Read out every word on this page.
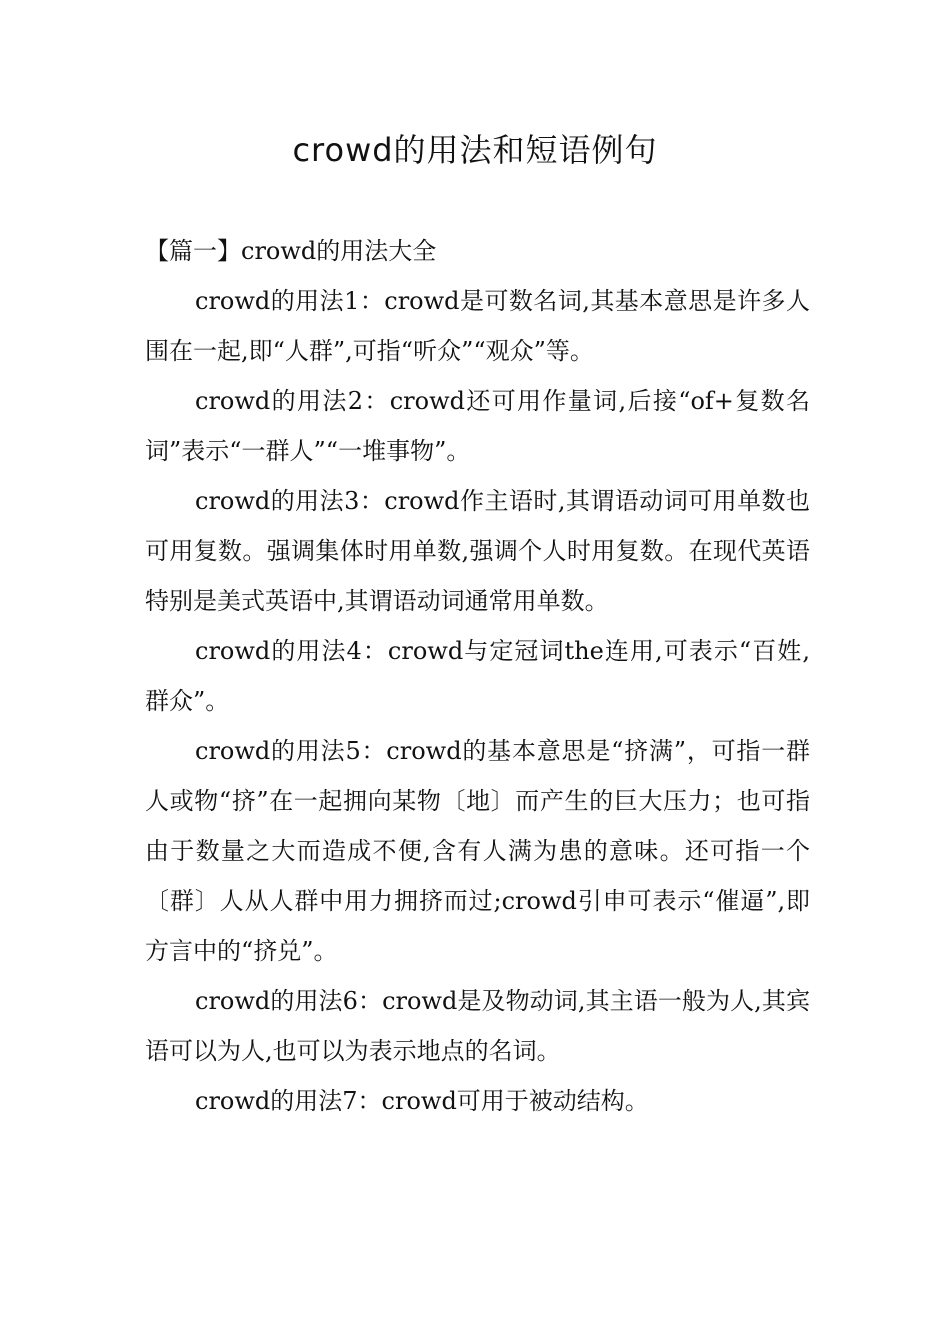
crowd的用法和短语例句
【篇一】crowd的用法大全

crowd的用法1：crowd是可数名词,其基本意思是许多人围在一起,即“人群”,可指“听众”“观众”等。

crowd的用法2：crowd还可用作量词,后接“of+复数名词”表示“一群人”“一堆事物”。

crowd的用法3：crowd作主语时,其谓语动词可用单数也可用复数。强调集体时用单数,强调个人时用复数。在现代英语特别是美式英语中,其谓语动词通常用单数。

crowd的用法4：crowd与定冠词the连用,可表示“百姓,群众”。

crowd的用法5：crowd的基本意思是“挤满”，可指一群人或物“挤”在一起拥向某物〔地〕而产生的巨大压力；也可指由于数量之大而造成不便,含有人满为患的意味。还可指一个〔群〕人从人群中用力拥挤而过;crowd引申可表示“催逼”,即方言中的“挤兑”。

crowd的用法6：crowd是及物动词,其主语一般为人,其宾语可以为人,也可以为表示地点的名词。

crowd的用法7：crowd可用于被动结构。
